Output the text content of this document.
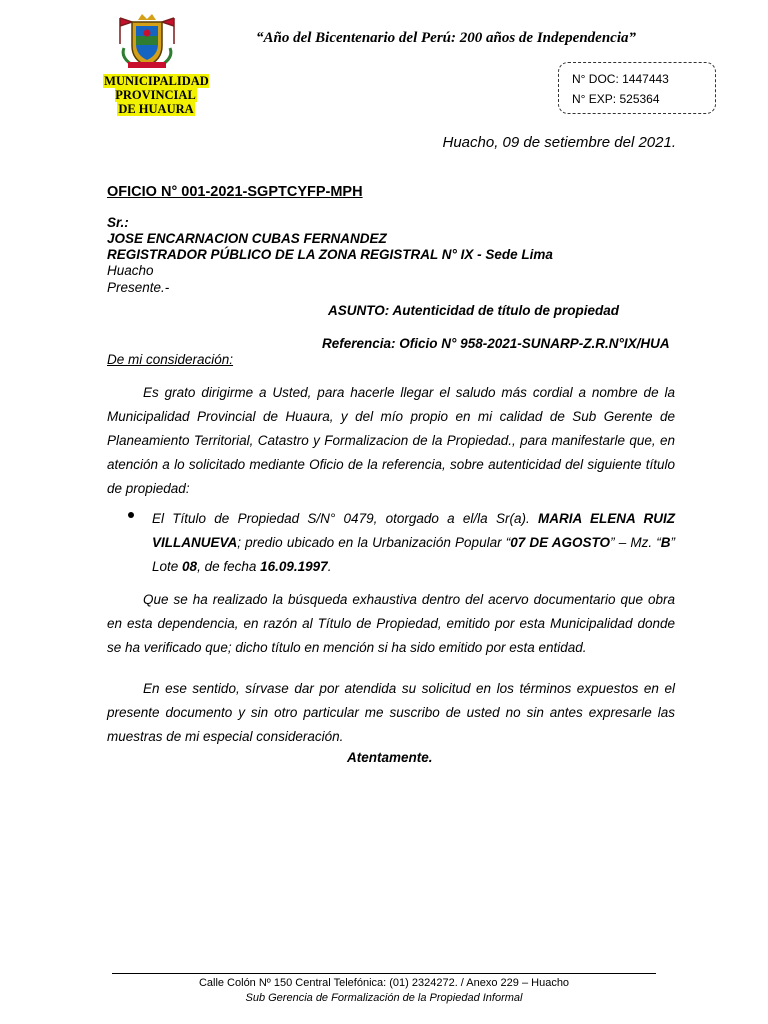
“Año del Bicentenario del Perú: 200 años de Independencia”
MUNICIPALIDAD PROVINCIAL
DE HUAURA
N° DOC: 1447443
N° EXP: 525364
Huacho, 09 de setiembre del 2021.
OFICIO N° 001-2021-SGPTCYFP-MPH
Sr.:
JOSE ENCARNACION CUBAS FERNANDEZ
REGISTRADOR PÚBLICO DE LA ZONA REGISTRAL N° IX - Sede Lima
Huacho
Presente.-
ASUNTO: Autenticidad de título de propiedad
Referencia: Oficio N° 958-2021-SUNARP-Z.R.N°IX/HUA
De mi consideración:
Es grato dirigirme a Usted, para hacerle llegar el saludo más cordial a nombre de la Municipalidad Provincial de Huaura, y del mío propio en mi calidad de Sub Gerente de Planeamiento Territorial, Catastro y Formalizacion de la Propiedad., para manifestarle que, en atención a lo solicitado mediante Oficio de la referencia, sobre autenticidad del siguiente título de propiedad:
El Título de Propiedad S/N° 0479, otorgado a el/la Sr(a). MARIA ELENA RUIZ VILLANUEVA; predio ubicado en la Urbanización Popular “07 DE AGOSTO” – Mz. “B” Lote 08, de fecha 16.09.1997.
Que se ha realizado la búsqueda exhaustiva dentro del acervo documentario que obra en esta dependencia, en razón al Título de Propiedad, emitido por esta Municipalidad donde se ha verificado que; dicho título en mención si ha sido emitido por esta entidad.
En ese sentido, sírvase dar por atendida su solicitud en los términos expuestos en el presente documento y sin otro particular me suscribo de usted no sin antes expresarle las muestras de mi especial consideración.
Atentamente.
Calle Colón Nº 150 Central Telefónica: (01) 2324272. / Anexo 229 – Huacho
Sub Gerencia de Formalización de la Propiedad Informal
